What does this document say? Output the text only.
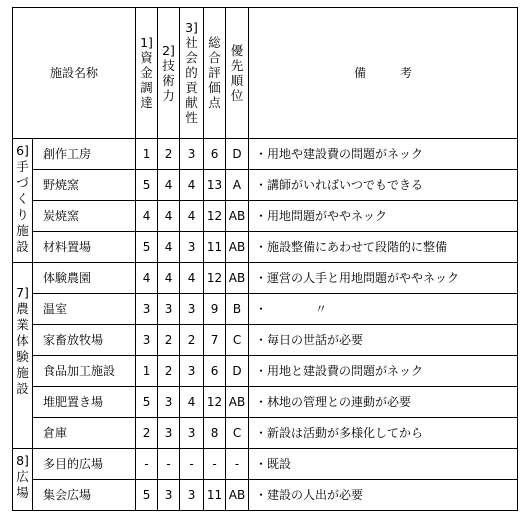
施設名称		1]資金調達	2]技術力	3]社会的貢献性	総合評価点	優先順位	備 考
6]手づくり施設	創作工房	1	2	3	6	D	・用地や建設費の問題がネック
	野焼窯	5	4	4	13	A	・講師がいればいつでもできる
	炭焼窯	4	4	4	12	AB	・用地問題がややネック
	材料置場	5	4	3	11	AB	・施設整備にあわせて段階的に整備
7]農業体験施設	体験農園	4	4	4	12	AB	・運営の人手と用地問題がややネック
	温室	3	3	3	9	B	・　　　　〃
	家畜放牧場	3	2	2	7	C	・毎日の世話が必要
	食品加工施設	1	2	3	6	D	・用地と建設費の問題がネック
	堆肥置き場	5	3	4	12	AB	・林地の管理との連動が必要
	倉庫	2	3	3	8	C	・新設は活動が多様化してから
8]広場	多目的広場	-	-	-	-	-	・既設
	集会広場	5	3	3	11	AB	・建設の人出が必要
